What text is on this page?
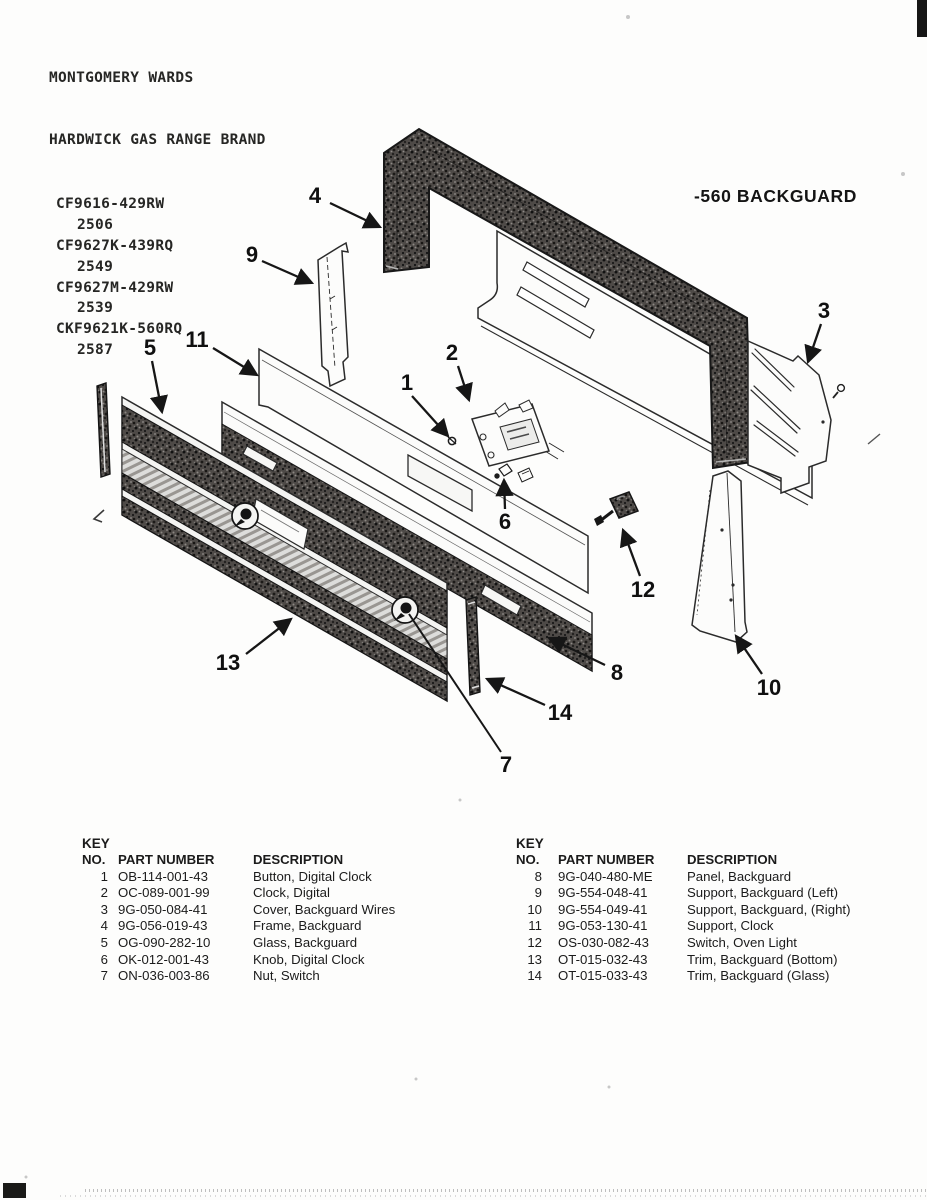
MONTGOMERY WARDS

HARDWICK GAS RANGE BRAND

CF9616-429RW
2506
CF9627K-439RQ
2549
CF9627M-429RW
2539
CKF9621K-560RQ
2587

-560 BACKGUARD
4
9
3
5 11
2
1
6
12
8
10
13
14
7
KEY
NO. PART NUMBER	DESCRIPTION
1 OB-114-001-43	Button, Digital Clock
2 OC-089-001-99	Clock, Digital
3 9G-050-084-41	Cover, Backguard Wires
4 9G-056-019-43	Frame, Backguard
5 OG-090-282-10	Glass, Backguard
6 OK-012-001-43	Knob, Digital Clock
7 ON-036-003-86	Nut, Switch
KEY
NO.	PART NUMBER	DESCRIPTION
8	9G-040-480-ME	Panel, Backguard
9	9G-554-048-41	Support, Backguard (Left)
10	9G-554-049-41	Support, Backguard, (Right)
11	9G-053-130-41	Support, Clock
12	OS-030-082-43	Switch, Oven Light
13	OT-015-032-43	Trim, Backguard (Bottom)
14	OT-015-033-43	Trim, Backguard (Glass)
